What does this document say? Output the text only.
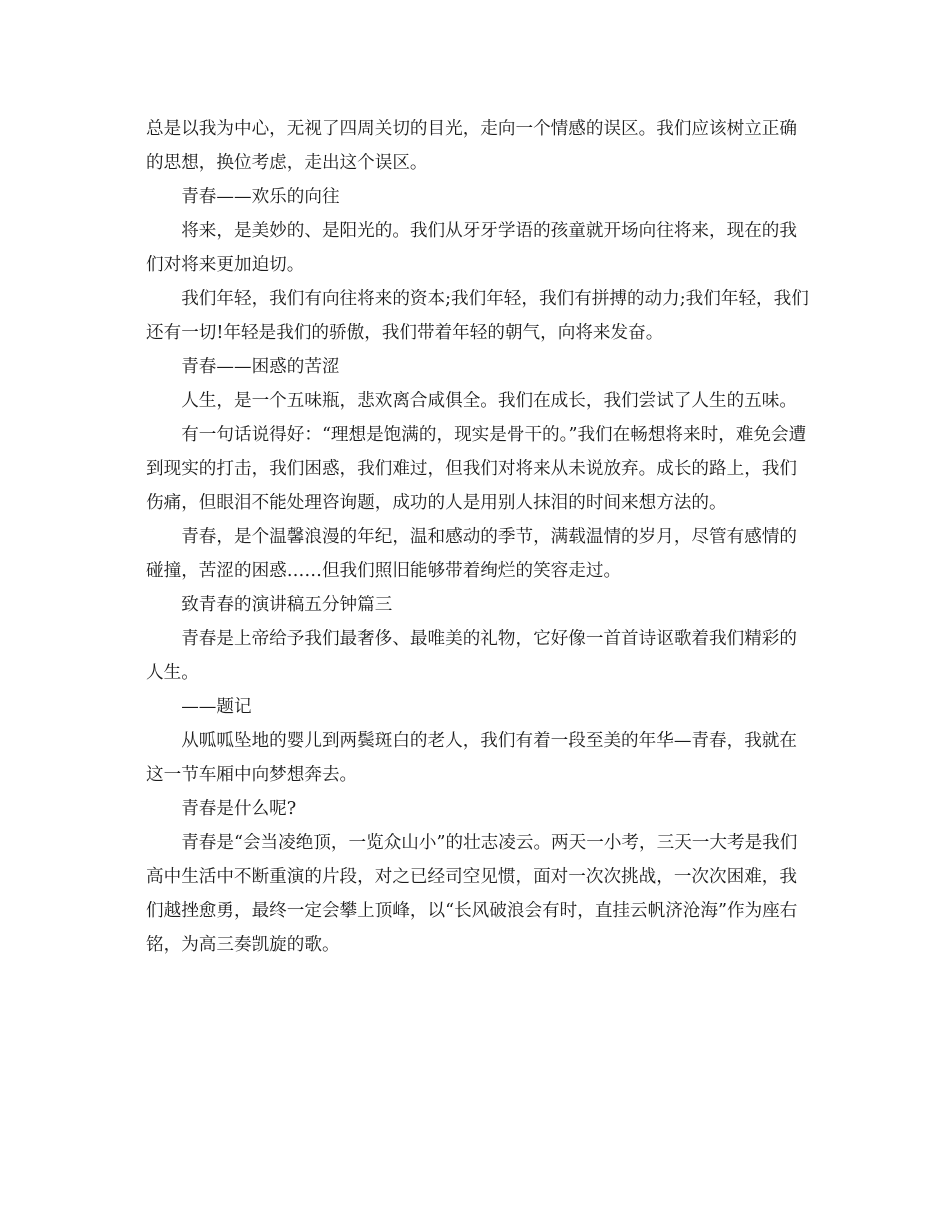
总是以我为中心，无视了四周关切的目光，走向一个情感的误区。我们应该树立正确的思想，换位考虑，走出这个误区。

青春——欢乐的向往

将来，是美妙的、是阳光的。我们从牙牙学语的孩童就开场向往将来，现在的我们对将来更加迫切。

我们年轻，我们有向往将来的资本;我们年轻，我们有拼搏的动力;我们年轻，我们还有一切!年轻是我们的骄傲，我们带着年轻的朝气，向将来发奋。

青春——困惑的苦涩

人生，是一个五味瓶，悲欢离合咸俱全。我们在成长，我们尝试了人生的五味。

有一句话说得好：“理想是饱满的，现实是骨干的。”我们在畅想将来时，难免会遭到现实的打击，我们困惑，我们难过，但我们对将来从未说放弃。成长的路上，我们伤痛，但眼泪不能处理咨询题，成功的人是用别人抹泪的时间来想方法的。

青春，是个温馨浪漫的年纪，温和感动的季节，满载温情的岁月，尽管有感情的碰撞，苦涩的困惑……但我们照旧能够带着绚烂的笑容走过。

致青春的演讲稿五分钟篇三

青春是上帝给予我们最奢侈、最唯美的礼物，它好像一首首诗讴歌着我们精彩的人生。

——题记

从呱呱坠地的婴儿到两鬓斑白的老人，我们有着一段至美的年华—青春，我就在这一节车厢中向梦想奔去。

青春是什么呢?

青春是“会当凌绝顶，一览众山小”的壮志凌云。两天一小考，三天一大考是我们高中生活中不断重演的片段，对之已经司空见惯，面对一次次挑战，一次次困难，我们越挫愈勇，最终一定会攀上顶峰，以“长风破浪会有时，直挂云帆济沧海”作为座右铭，为高三奏凯旋的歌。
